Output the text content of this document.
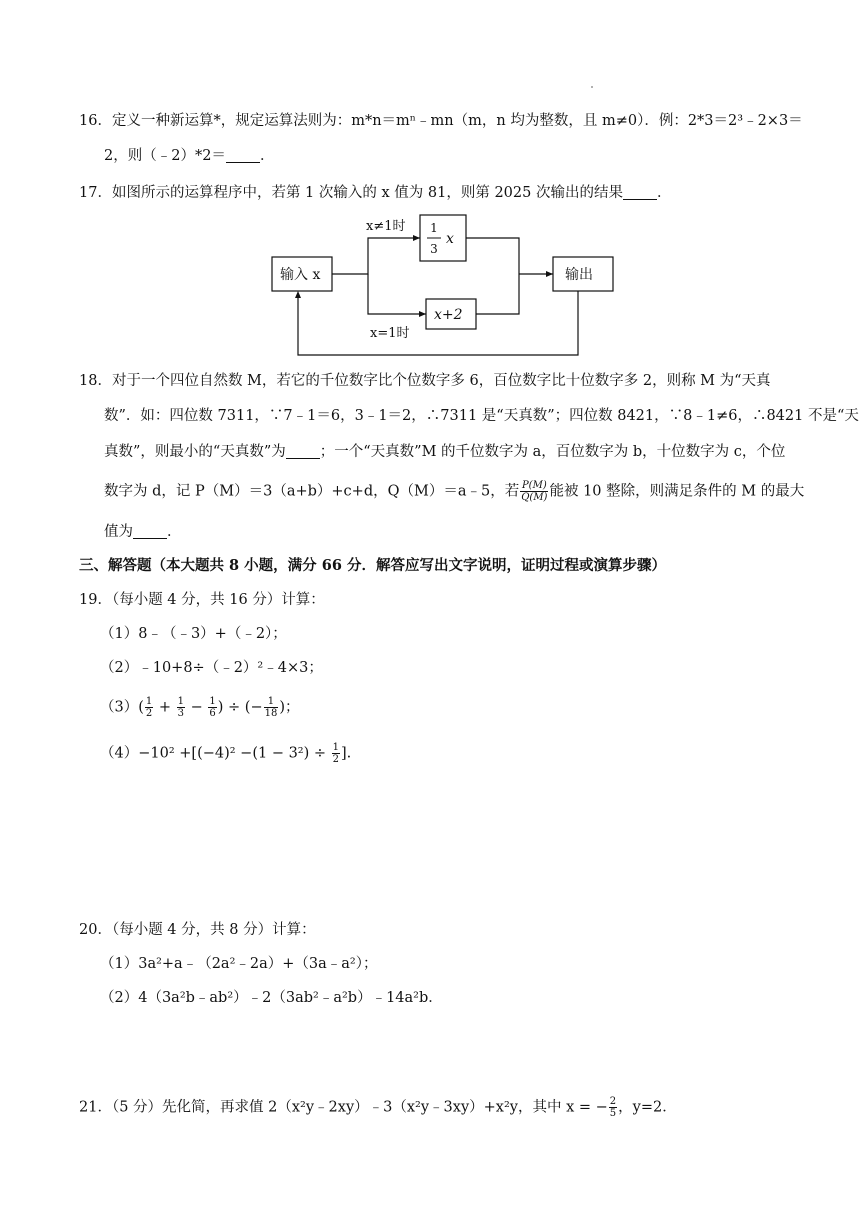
16．定义一种新运算*，规定运算法则为：m*n＝mⁿ﹣mn（m，n 均为整数，且 m≠0）．例：2*3＝2³﹣2×3＝
2，则（﹣2）*2＝ ．
17．如图所示的运算程序中，若第 1 次输入的 x 值为 81，则第 2025 次输出的结果 ．
输入 x	输出
x≠1时
x=1时
1
3
x
x+2
18．对于一个四位自然数 M，若它的千位数字比个位数字多 6，百位数字比十位数字多 2，则称 M 为“天真
数”．如：四位数 7311，∵7﹣1＝6，3﹣1＝2，∴7311 是“天真数”；四位数 8421，∵8﹣1≠6，∴8421 不是“天
真数”，则最小的“天真数”为 ；一个“天真数”M 的千位数字为 a，百位数字为 b，十位数字为 c，个位
数字为 d，记 P（M）＝3（a+b）+c+d，Q（M）＝a﹣5，若 $\frac{P(M)}{Q(M)}$ 能被 10 整除，则满足条件的 M 的最大
值为 ．
三、解答题（本大题共 8 小题，满分 66 分．解答应写出文字说明，证明过程或演算步骤）
19．（每小题 4 分，共 16 分）计算：
（1）8﹣（﹣3）+（﹣2）；
（2）﹣10+8÷（﹣2）²﹣4×3；
$(3)( \frac{1}{2} + \frac{1}{3} - \frac{1}{6}$ ) ÷ (− $\frac{1}{18}$ )；
$(4)-10^2 +[(-4)^2 -(1 - 3^2) \div \frac{1}{2}$ ].
20．（每小题 4 分，共 8 分）计算：
（1）3a²+a﹣（2a²﹣2a）+（3a﹣a²）；
（2）4（3a²b﹣ab²）﹣2（3ab²﹣a²b）﹣14a²b．
21．（5 分）先化简，再求值 2（x²y﹣2xy）﹣3（x²y﹣3xy）+x²y，其中 x = − $\frac{2}{5}$ ，y=2．
